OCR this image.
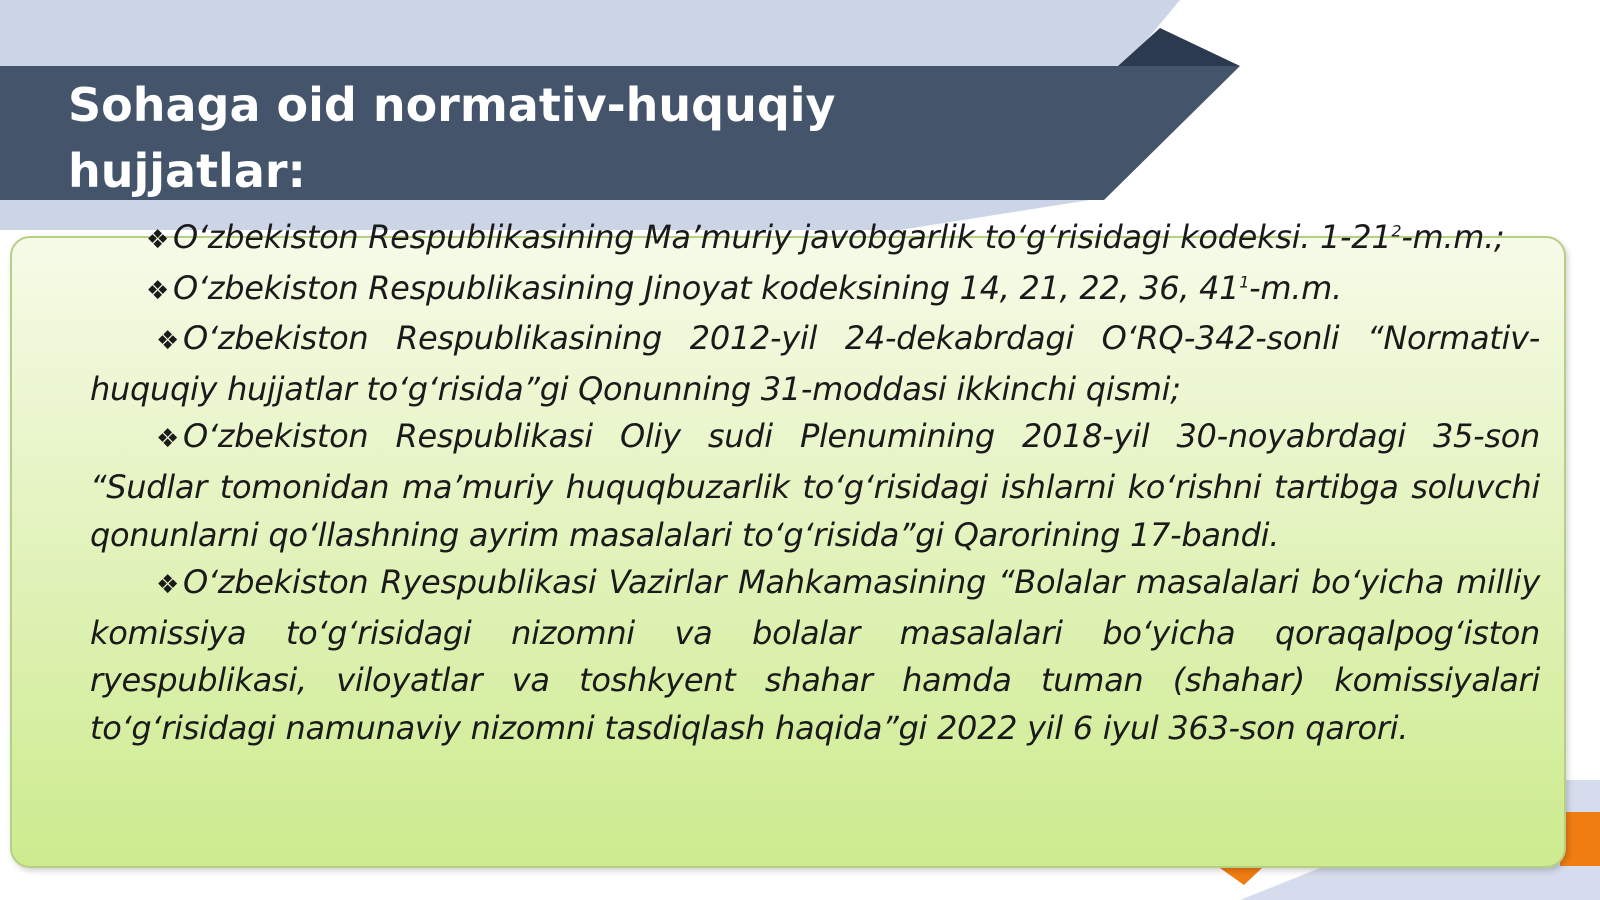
Sohaga oid normativ-huquqiy
hujjatlar:
❖ O‘zbekiston Respublikasining Ma’muriy javobgarlik to‘g‘risidagi kodeksi. $1-21^2-m.m$.;
❖ O‘zbekiston Respublikasining Jinoyat kodeksining 14, 21, 22, 36, $41^1-m.m$.
❖ O‘zbekiston Respublikasining 2012-yil 24-dekabrdagi O‘RQ-342-sonli “Normativ-huquqiy hujjatlar to‘g‘risida”gi Qonunning 31-moddasi ikkinchi qismi;
❖ O‘zbekiston Respublikasi Oliy sudi Plenumining 2018-yil 30-noyabrdagi 35-son “Sudlar tomonidan ma’muriy huquqbuzarlik to‘g‘risidagi ishlarni ko‘rishni tartibga soluvchi qonunlarni qo‘llashning ayrim masalalari to‘g‘risida”gi Qarorining 17-bandi.
❖ O‘zbekiston Ryespublikasi Vazirlar Mahkamasining “Bolalar masalalari bo‘yicha milliy komissiya to‘g‘risidagi nizomni va bolalar masalalari bo‘yicha qoraqalpog‘iston ryespublikasi, viloyatlar va toshkyent shahar hamda tuman (shahar) komissiyalari to‘g‘risidagi namunaviy nizomni tasdiqlash haqida”gi 2022 yil 6 iyul 363-son qarori.
